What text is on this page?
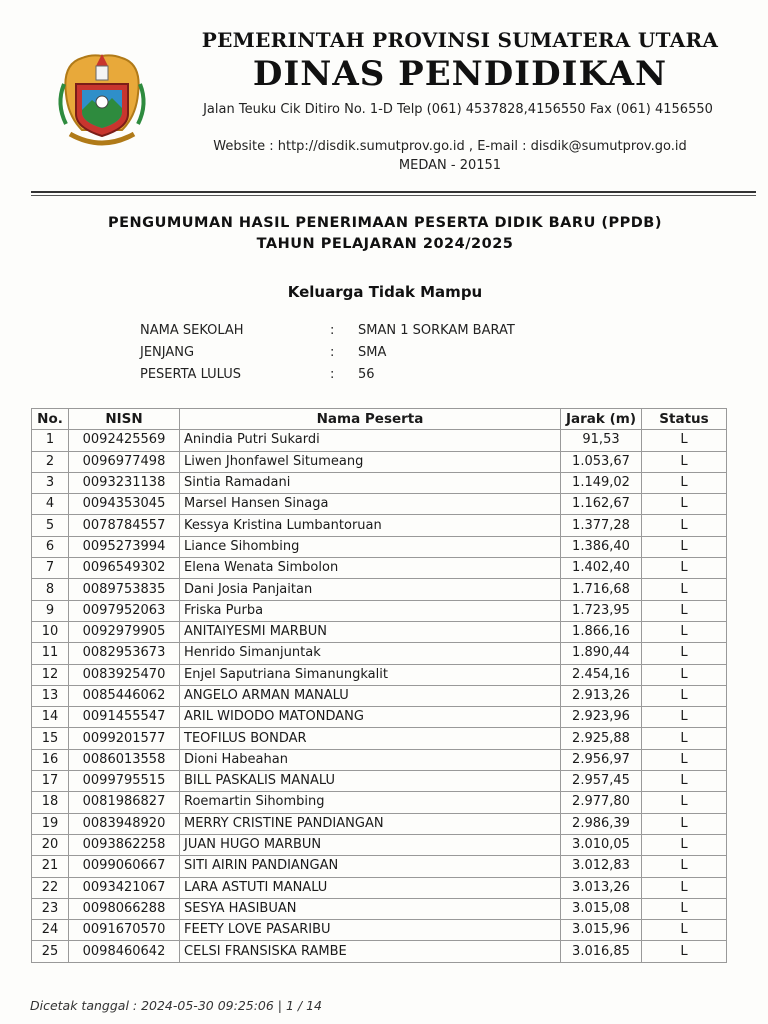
PEMERINTAH PROVINSI SUMATERA UTARA
DINAS PENDIDIKAN
Jalan Teuku Cik Ditiro No. 1-D Telp (061) 4537828,4156550 Fax (061) 4156550
Website : http://disdik.sumutprov.go.id , E-mail : disdik@sumutprov.go.id
MEDAN - 20151
PENGUMUMAN HASIL PENERIMAAN PESERTA DIDIK BARU (PPDB)
TAHUN PELAJARAN 2024/2025
Keluarga Tidak Mampu
NAMA SEKOLAH	: SMAN 1 SORKAM BARAT
JENJANG	: SMA
PESERTA LULUS	: 56
No.	NISN	Nama Peserta	Jarak (m)	Status
1	0092425569	Anindia Putri Sukardi	91,53	L
2	0096977498	Liwen Jhonfawel Situmeang	1.053,67	L
3	0093231138	Sintia Ramadani	1.149,02	L
4	0094353045	Marsel Hansen Sinaga	1.162,67	L
5	0078784557	Kessya Kristina Lumbantoruan	1.377,28	L
6	0095273994	Liance Sihombing	1.386,40	L
7	0096549302	Elena Wenata Simbolon	1.402,40	L
8	0089753835	Dani Josia Panjaitan	1.716,68	L
9	0097952063	Friska Purba	1.723,95	L
10	0092979905	ANITAIYESMI MARBUN	1.866,16	L
11	0082953673	Henrido Simanjuntak	1.890,44	L
12	0083925470	Enjel Saputriana Simanungkalit	2.454,16	L
13	0085446062	ANGELO ARMAN MANALU	2.913,26	L
14	0091455547	ARIL WIDODO MATONDANG	2.923,96	L
15	0099201577	TEOFILUS BONDAR	2.925,88	L
16	0086013558	Dioni Habeahan	2.956,97	L
17	0099795515	BILL PASKALIS MANALU	2.957,45	L
18	0081986827	Roemartin Sihombing	2.977,80	L
19	0083948920	MERRY CRISTINE PANDIANGAN	2.986,39	L
20	0093862258	JUAN HUGO MARBUN	3.010,05	L
21	0099060667	SITI AIRIN PANDIANGAN	3.012,83	L
22	0093421067	LARA ASTUTI MANALU	3.013,26	L
23	0098066288	SESYA HASIBUAN	3.015,08	L
24	0091670570	FEETY LOVE PASARIBU	3.015,96	L
25	0098460642	CELSI FRANSISKA RAMBE	3.016,85	L
Dicetak tanggal : 2024-05-30 09:25:06 | 1 / 14
